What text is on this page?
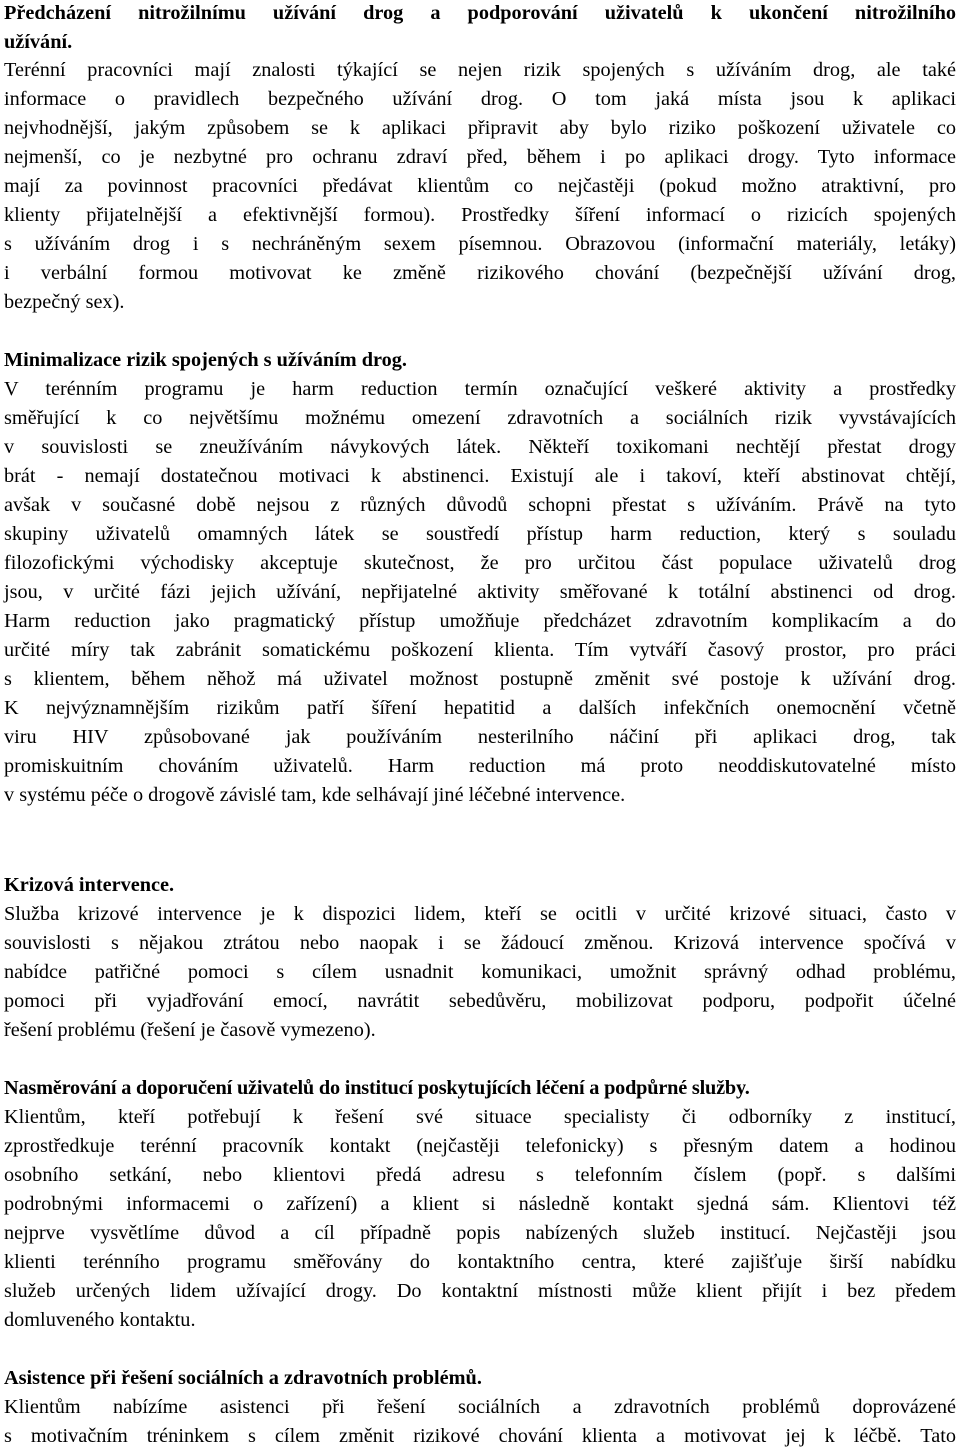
Předcházení nitrožilnímu užívání drog a podporování uživatelů k ukončení nitrožilního
užívání.
Terénní pracovníci mají znalosti týkající se nejen rizik spojených s užíváním drog, ale také
informace o pravidlech bezpečného užívání drog. O tom jaká místa jsou k aplikaci
nejvhodnější, jakým způsobem se k aplikaci připravit aby bylo riziko poškození uživatele co
nejmenší, co je nezbytné pro ochranu zdraví před, během i po aplikaci drogy. Tyto informace
mají za povinnost pracovníci předávat klientům co nejčastěji (pokud možno atraktivní, pro
klienty přijatelnější a efektivnější formou). Prostředky šíření informací o rizicích spojených
s užíváním drog i s nechráněným sexem písemnou. Obrazovou (informační materiály, letáky)
i verbální formou motivovat ke změně rizikového chování (bezpečnější užívání drog,
bezpečný sex).
Minimalizace rizik spojených s užíváním drog.
V terénním programu je harm reduction termín označující veškeré aktivity a prostředky
směřující k co největšímu možnému omezení zdravotních a sociálních rizik vyvstávajících
v souvislosti se zneužíváním návykových látek. Někteří toxikomani nechtějí přestat drogy
brát - nemají dostatečnou motivaci k abstinenci. Existují ale i takoví, kteří abstinovat chtějí,
avšak v současné době nejsou z různých důvodů schopni přestat s užíváním. Právě na tyto
skupiny uživatelů omamných látek se soustředí přístup harm reduction, který s souladu
filozofickými východisky akceptuje skutečnost, že pro určitou část populace uživatelů drog
jsou, v určité fázi jejich užívání, nepřijatelné aktivity směřované k totální abstinenci od drog.
Harm reduction jako pragmatický přístup umožňuje předcházet zdravotním komplikacím a do
určité míry tak zabránit somatickému poškození klienta. Tím vytváří časový prostor, pro práci
s klientem, během něhož má uživatel možnost postupně změnit své postoje k užívání drog.
K nejvýznamnějším rizikům patří šíření hepatitid a dalších infekčních onemocnění včetně
viru HIV způsobované jak používáním nesterilního náčiní při aplikaci drog, tak
promiskuitním chováním uživatelů. Harm reduction má proto neoddiskutovatelné místo
v systému péče o drogově závislé tam, kde selhávají jiné léčebné intervence.
Krizová intervence.
Služba krizové intervence je k dispozici lidem, kteří se ocitli v určité krizové situaci, často v
souvislosti s nějakou ztrátou nebo naopak i se žádoucí změnou. Krizová intervence spočívá v
nabídce patřičné pomoci s cílem usnadnit komunikaci, umožnit správný odhad problému,
pomoci při vyjadřování emocí, navrátit sebedůvěru, mobilizovat podporu, podpořit účelné
řešení problému (řešení je časově vymezeno).
Nasměrování a doporučení uživatelů do institucí poskytujících léčení a podpůrné služby.
Klientům, kteří potřebují k řešení své situace specialisty či odborníky z institucí,
zprostředkuje terénní pracovník kontakt (nejčastěji telefonicky) s přesným datem a hodinou
osobního setkání, nebo klientovi předá adresu s telefonním číslem (popř. s dalšími
podrobnými informacemi o zařízení) a klient si následně kontakt sjedná sám. Klientovi též
nejprve vysvětlíme důvod a cíl případně popis nabízených služeb institucí. Nejčastěji jsou
klienti terénního programu směřovány do kontaktního centra, které zajišťuje širší nabídku
služeb určených lidem užívající drogy. Do kontaktní místnosti může klient přijít i bez předem
domluveného kontaktu.
Asistence při řešení sociálních a zdravotních problémů.
Klientům nabízíme asistenci při řešení sociálních a zdravotních problémů doprovázené
s motivačním tréninkem s cílem změnit rizikové chování klienta a motivovat jej k léčbě. Tato
